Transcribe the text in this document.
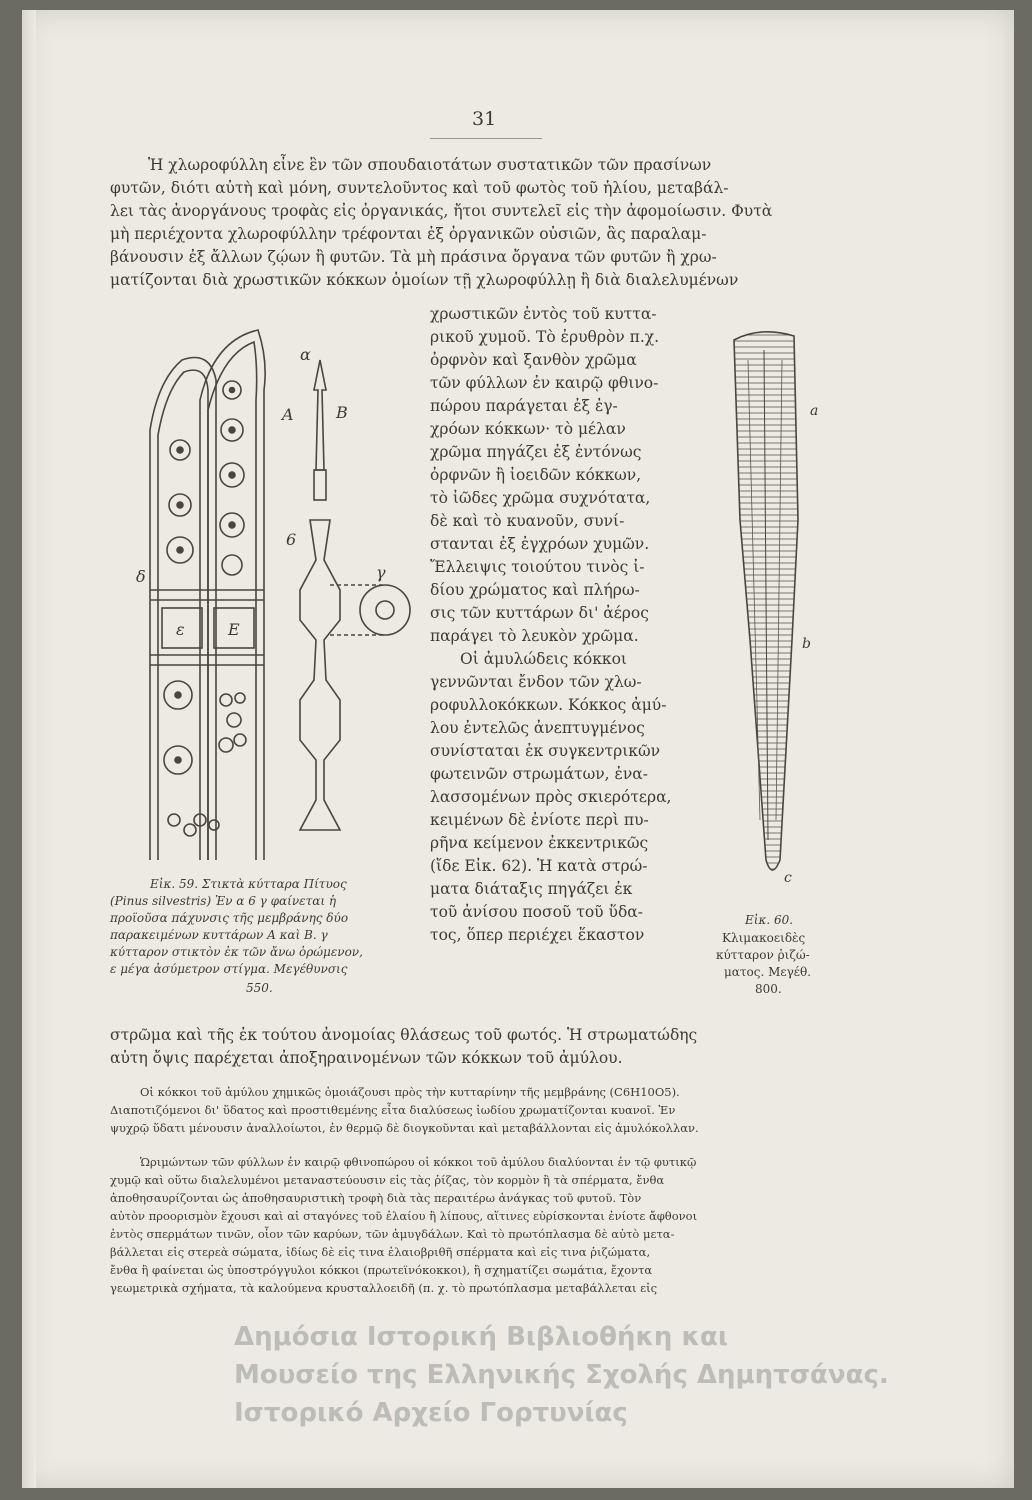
31
Ἡ χλωροφύλλη εἶνε ἓν τῶν σπουδαιοτάτων συστατικῶν τῶν πρασίνων
φυτῶν, διότι αὐτὴ καὶ μόνη, συντελοῦντος καὶ τοῦ φωτὸς τοῦ ἡλίου, μεταβάλ-
λει τὰς ἀνοργάνους τροφὰς εἰς ὀργανικάς, ἤτοι συντελεῖ εἰς τὴν ἀφομοίωσιν. Φυτὰ
μὴ περιέχοντα χλωροφύλλην τρέφονται ἐξ ὀργανικῶν οὐσιῶν, ἃς παραλαμ-
βάνουσιν ἐξ ἄλλων ζῴων ἢ φυτῶν. Τὰ μὴ πράσινα ὄργανα τῶν φυτῶν ἢ χρω-
ματίζονται διὰ χρωστικῶν κόκκων ὁμοίων τῇ χλωροφύλλῃ ἢ διὰ διαλελυμένων
χρωστικῶν ἐντὸς τοῦ κυττα-
ρικοῦ χυμοῦ. Τὸ ἐρυθρὸν π.χ.
ὀρφνὸν καὶ ξανθὸν χρῶμα
τῶν φύλλων ἐν καιρῷ φθινο-
πώρου παράγεται ἐξ ἐγ-
χρόων κόκκων· τὸ μέλαν
χρῶμα πηγάζει ἐξ ἐντόνως
ὀρφνῶν ἢ ἰοειδῶν κόκκων,
τὸ ἰῶδες χρῶμα συχνότατα,
δὲ καὶ τὸ κυανοῦν, συνί-
στανται ἐξ ἐγχρόων χυμῶν.
Ἔλλειψις τοιούτου τινὸς ἰ-
δίου χρώματος καὶ πλήρω-
σις τῶν κυττάρων δι' ἀέρος
παράγει τὸ λευκὸν χρῶμα.
Οἱ ἀμυλώδεις κόκκοι
γεννῶνται ἔνδον τῶν χλω-
ροφυλλοκόκκων. Κόκκος ἀμύ-
λου ἐντελῶς ἀνεπτυγμένος
συνίσταται ἐκ συγκεντρικῶν
φωτεινῶν στρωμάτων, ἐνα-
λασσομένων πρὸς σκιερότερα,
κειμένων δὲ ἐνίοτε περὶ πυ-
ρῆνα κείμενον ἐκκεντρικῶς
(ἴδε Εἰκ. 62). Ἡ κατὰ στρώ-
ματα διάταξις πηγάζει ἐκ
τοῦ ἀνίσου ποσοῦ τοῦ ὕδα-
τος, ὅπερ περιέχει ἕκαστον
στρῶμα καὶ τῆς ἐκ τούτου ἀνομοίας θλάσεως τοῦ φωτός. Ἡ στρωματώδης
αὐτη ὄψις παρέχεται ἀποξηραινομένων τῶν κόκκων τοῦ ἀμύλου.
α
A	B
6
γ
δ
ε	E
Εἰκ. 59. Στικτὰ κύτταρα Πίτυος
(Pinus silvestris) Ἐν α 6 γ φαίνεται ἡ
προϊοῦσα πάχυνσις τῆς μεμβράνης δύο
παρακειμένων κυττάρων Α καὶ Β. γ
κύτταρον στικτὸν ἐκ τῶν ἄνω ὁρώμενον,
ε μέγα ἀσύμετρον στίγμα. Μεγέθυνσις
550.
a
b
c
Εἰκ. 60.
Κλιμακοειδὲς
κύτταρον ῥιζώ-
ματος. Μεγέθ.
800.
Οἱ κόκκοι τοῦ ἀμύλου χημικῶς ὁμοιάζουσι πρὸς τὴν κυτταρίνην τῆς μεμβράνης (C6H10O5).
Διαποτιζόμενοι δι' ὕδατος καὶ προστιθεμένης εἶτα διαλύσεως ἰωδίου χρωματίζονται κυανοῖ. Ἐν
ψυχρῷ ὕδατι μένουσιν ἀναλλοίωτοι, ἐν θερμῷ δὲ διογκοῦνται καὶ μεταβάλλονται εἰς ἀμυλόκολλαν.
Ὡριμώντων τῶν φύλλων ἐν καιρῷ φθινοπώρου οἱ κόκκοι τοῦ ἀμύλου διαλύονται ἐν τῷ φυτικῷ
χυμῷ καὶ οὕτω διαλελυμένοι μεταναστεύουσιν εἰς τὰς ῥίζας, τὸν κορμὸν ἢ τὰ σπέρματα, ἔνθα
ἀποθησαυρίζονται ὡς ἀποθησαυριστικὴ τροφὴ διὰ τὰς περαιτέρω ἀνάγκας τοῦ φυτοῦ. Τὸν
αὐτὸν προορισμὸν ἔχουσι καὶ αἱ σταγόνες τοῦ ἐλαίου ἢ λίπους, αἵτινες εὑρίσκονται ἐνίοτε ἄφθονοι
ἐντὸς σπερμάτων τινῶν, οἷον τῶν καρύων, τῶν ἀμυγδάλων. Καὶ τὸ πρωτόπλασμα δὲ αὐτὸ μετα-
βάλλεται εἰς στερεὰ σώματα, ἰδίως δὲ εἰς τινα ἐλαιοβριθῆ σπέρματα καὶ εἰς τινα ῥιζώματα,
ἔνθα ἢ φαίνεται ὡς ὑποστρόγγυλοι κόκκοι (πρωτεϊνόκοκκοι), ἢ σχηματίζει σωμάτια, ἔχοντα
γεωμετρικὰ σχήματα, τὰ καλούμενα κρυσταλλοειδῆ (π. χ. τὸ πρωτόπλασμα μεταβάλλεται εἰς
Δημόσια Ιστορική Βιβλιοθήκη και
Μουσείο της Ελληνικής Σχολής Δημητσάνας.
Ιστορικό Αρχείο Γορτυνίας
